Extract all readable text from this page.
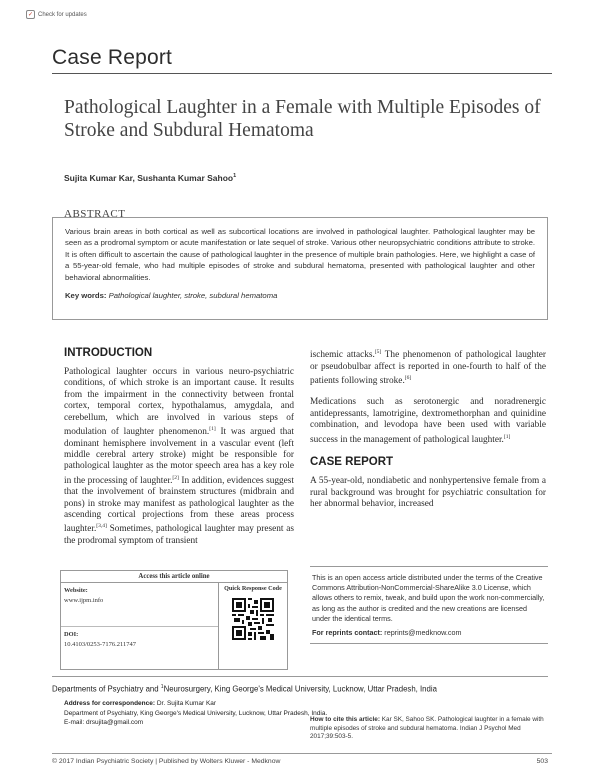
✓ Check for updates
Case Report
Pathological Laughter in a Female with Multiple Episodes of Stroke and Subdural Hematoma
Sujita Kumar Kar, Sushanta Kumar Sahoo$^1$
ABSTRACT

Various brain areas in both cortical as well as subcortical locations are involved in pathological laughter. Pathological laughter may be seen as a prodromal symptom or acute manifestation or late sequel of stroke. Various other neuropsychiatric conditions attribute to stroke. It is often difficult to ascertain the cause of pathological laughter in the presence of multiple brain pathologies. Here, we highlight a case of a 55-year-old female, who had multiple episodes of stroke and subdural hematoma, presented with pathological laughter and other behavioral abnormalities.

Key words: Pathological laughter, stroke, subdural hematoma

INTRODUCTION

Pathological laughter occurs in various neuro-psychiatric conditions, of which stroke is an important cause. It results from the impairment in the connectivity between frontal cortex, temporal cortex, hypothalamus, amygdala, and cerebellum, which are involved in various steps of modulation of laughter phenomenon.[1] It was argued that dominant hemisphere involvement in a vascular event (left middle cerebral artery stroke) might be responsible for pathological laughter as the motor speech area has a key role in the processing of laughter.[2] In addition, evidences suggest that the involvement of brainstem structures (midbrain and pons) in stroke may manifest as pathological laughter as the ascending cortical projections from these areas process laughter.[3,4] Sometimes, pathological laughter may present as the prodromal symptom of transient

ischemic attacks.[5] The phenomenon of pathological laughter or pseudobulbar affect is reported in one-fourth to half of the patients following stroke.[6]

Medications such as serotonergic and noradrenergic antidepressants, lamotrigine, dextromethorphan and quinidine combination, and levodopa have been used with variable success in the management of pathological laughter.[1]

CASE REPORT

A 55-year-old, nondiabetic and nonhypertensive female from a rural background was brought for psychiatric consultation for her abnormal behavior, increased

Access this article online
Website:
www.ijpm.info
DOI:
10.4103/0253-7176.211747
Quick Response Code

This is an open access article distributed under the terms of the Creative Commons Attribution-NonCommercial-ShareAlike 3.0 License, which allows others to remix, tweak, and build upon the work non-commercially, as long as the author is credited and the new creations are licensed under the identical terms.

For reprints contact: reprints@medknow.com

How to cite this article: Kar SK, Sahoo SK. Pathological laughter in a female with multiple episodes of stroke and subdural hematoma. Indian J Psychol Med 2017;39:503-5.
Departments of Psychiatry and $^1$Neurosurgery, King George's Medical University, Lucknow, Uttar Pradesh, India
Address for correspondence: Dr. Sujita Kumar Kar
Department of Psychiatry, King George's Medical University, Lucknow, Uttar Pradesh, India.
E-mail: drsujita@gmail.com
© 2017 Indian Psychiatric Society | Published by Wolters Kluwer - Medknow	503
